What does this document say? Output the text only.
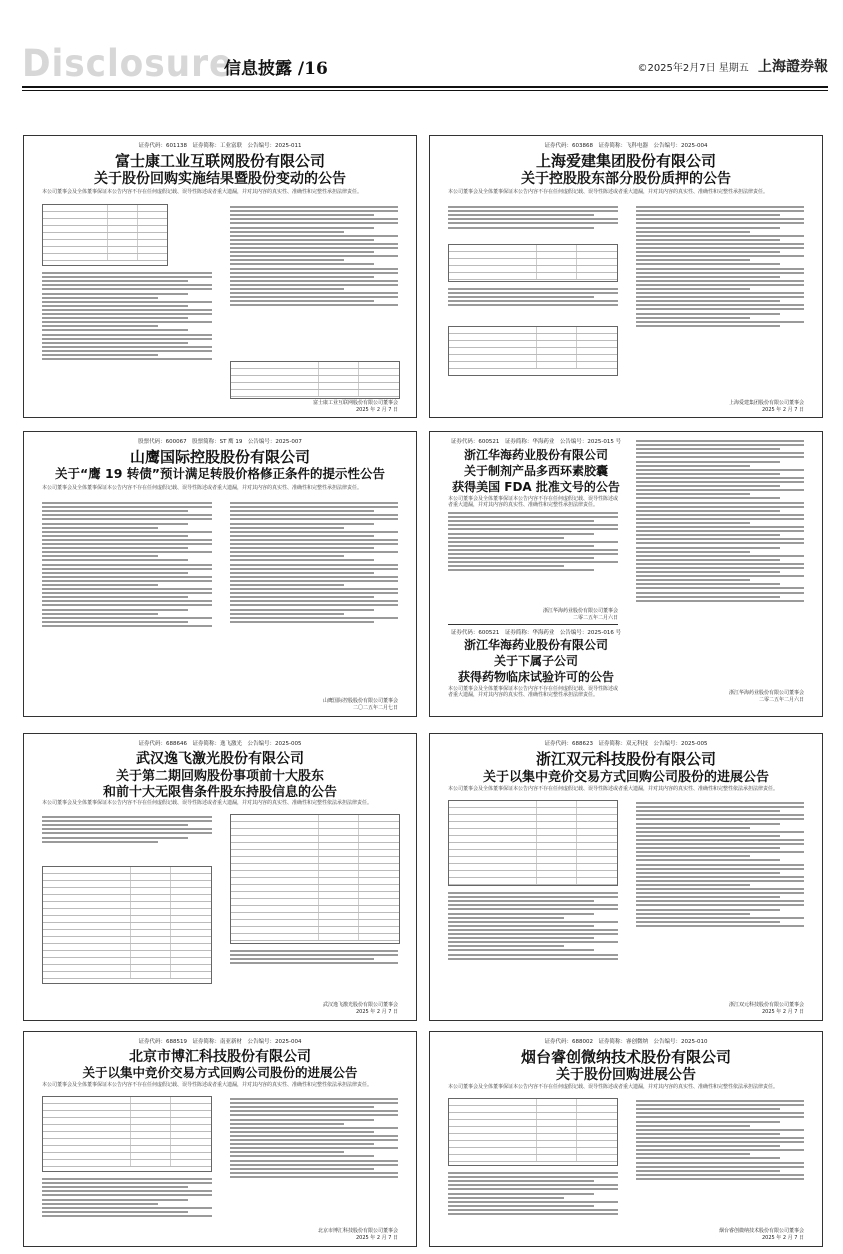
Disclosure
信息披露 /16	©2025年2月7日 星期五 上海證券報
证券代码：601138　证券简称：工业富联　公告编号：2025-011
富士康工业互联网股份有限公司
关于股份回购实施结果暨股份变动的公告
本公司董事会及全体董事保证本公告内容不存在任何虚假记载、误导性陈述或者重大遗漏，并对其内容的真实性、准确性和完整性承担法律责任。
富士康工业互联网股份有限公司董事会
2025 年 2 月 7 日
证券代码：603868　证券简称：飞科电器　公告编号：2025-004
上海爱建集团股份有限公司
关于控股股东部分股份质押的公告
本公司董事会及全体董事保证本公告内容不存在任何虚假记载、误导性陈述或者重大遗漏，并对其内容的真实性、准确性和完整性承担法律责任。
上海爱建集团股份有限公司董事会
2025 年 2 月 7 日
股票代码：600067　股票简称：ST 鹰 19　公告编号：2025-007
山鹰国际控股股份有限公司
关于“鹰 19 转债”预计满足转股价格修正条件的提示性公告
本公司董事会及全体董事保证本公告内容不存在任何虚假记载、误导性陈述或者重大遗漏，并对其内容的真实性、准确性和完整性承担法律责任。
山鹰国际控股股份有限公司董事会
二〇二五年二月七日
证券代码：600521　证券简称：华海药业　公告编号：2025-015 号
浙江华海药业股份有限公司
关于制剂产品多西环素胶囊
获得美国 FDA 批准文号的公告
本公司董事会及全体董事保证本公告内容不存在任何虚假记载、误导性陈述或者重大遗漏，并对其内容的真实性、准确性和完整性承担法律责任。
浙江华海药业股份有限公司董事会
二零二五年二月六日
证券代码：600521　证券简称：华海药业　公告编号：2025-016 号
浙江华海药业股份有限公司
关于下属子公司
获得药物临床试验许可的公告
本公司董事会及全体董事保证本公告内容不存在任何虚假记载、误导性陈述或者重大遗漏，并对其内容的真实性、准确性和完整性承担法律责任。	浙江华海药业股份有限公司董事会
二零二五年二月六日
证券代码：688646　证券简称：逸飞激光　公告编号：2025-005
武汉逸飞激光股份有限公司
关于第二期回购股份事项前十大股东
和前十大无限售条件股东持股信息的公告
本公司董事会及全体董事保证本公告内容不存在任何虚假记载、误导性陈述或者重大遗漏，并对其内容的真实性、准确性和完整性依法承担法律责任。
武汉逸飞激光股份有限公司董事会
2025 年 2 月 7 日
证券代码：688623　证券简称：双元科技　公告编号：2025-005
浙江双元科技股份有限公司
关于以集中竞价交易方式回购公司股份的进展公告
本公司董事会及全体董事保证本公告内容不存在任何虚假记载、误导性陈述或者重大遗漏，并对其内容的真实性、准确性和完整性依法承担法律责任。
浙江双元科技股份有限公司董事会
2025 年 2 月 7 日
证券代码：688519　证券简称：南亚新材　公告编号：2025-004
北京市博汇科技股份有限公司
关于以集中竞价交易方式回购公司股份的进展公告
本公司董事会及全体董事保证本公告内容不存在任何虚假记载、误导性陈述或者重大遗漏，并对其内容的真实性、准确性和完整性依法承担法律责任。
北京市博汇科技股份有限公司董事会
2025 年 2 月 7 日
证券代码：688002　证券简称：睿创微纳　公告编号：2025-010
烟台睿创微纳技术股份有限公司
关于股份回购进展公告
本公司董事会及全体董事保证本公告内容不存在任何虚假记载、误导性陈述或者重大遗漏，并对其内容的真实性、准确性和完整性依法承担法律责任。
烟台睿创微纳技术股份有限公司董事会
2025 年 2 月 7 日
